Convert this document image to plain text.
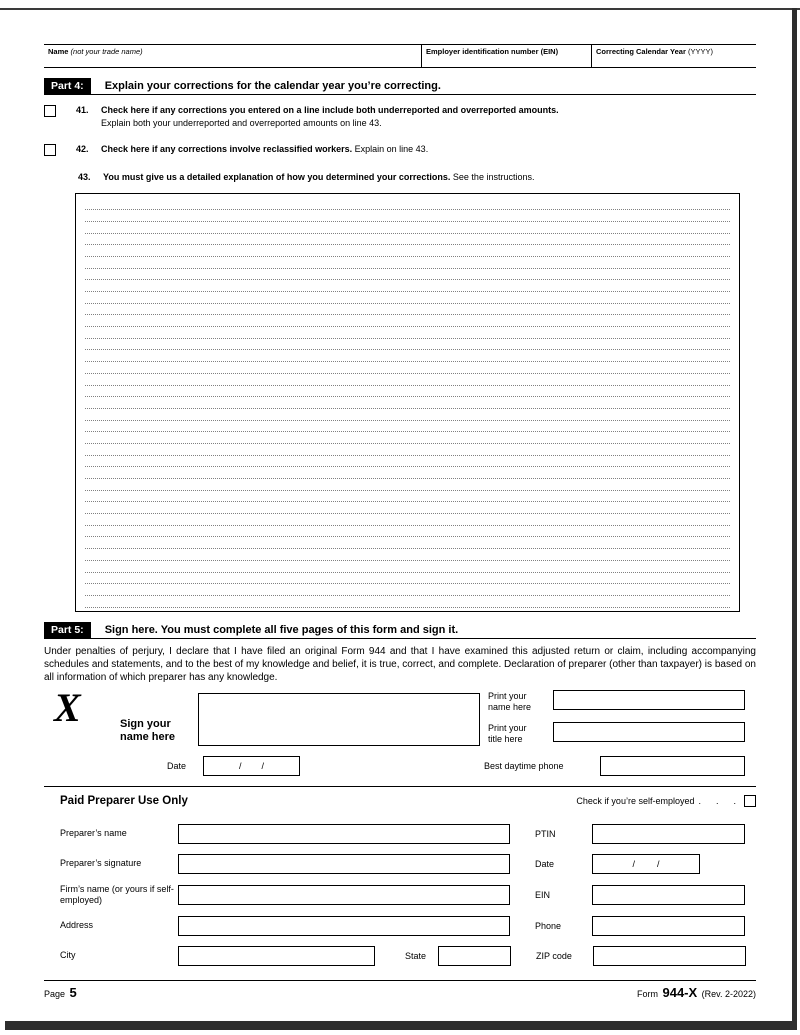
Name (not your trade name)	Employer identification number (EIN)	Correcting Calendar Year (YYYY)
Part 4:	Explain your corrections for the calendar year you’re correcting.
41.	Check here if any corrections you entered on a line include both underreported and overreported amounts.
Explain both your underreported and overreported amounts on line 43.
42.	Check here if any corrections involve reclassified workers. Explain on line 43.
43.	You must give us a detailed explanation of how you determined your corrections. See the instructions.
Part 5:	Sign here. You must complete all five pages of this form and sign it.
Under penalties of perjury, I declare that I have filed an original Form 944 and that I have examined this adjusted return or claim, including accompanying schedules and statements, and to the best of my knowledge and belief, it is true, correct, and complete. Declaration of preparer (other than taxpayer) is based on all information of which preparer has any knowledge.
X	Sign your
name here
Print your
name here
Print your
title here
Date	/ /	Best daytime phone
Paid Preparer Use Only	Check if you’re self-employed .      .      .
Preparer’s name	PTIN
Preparer’s signature	Date	/ /
Firm’s name (or yours if self-employed)	EIN
Address	Phone
City	State	ZIP code
Page 5	Form 944-X (Rev. 2-2022)
